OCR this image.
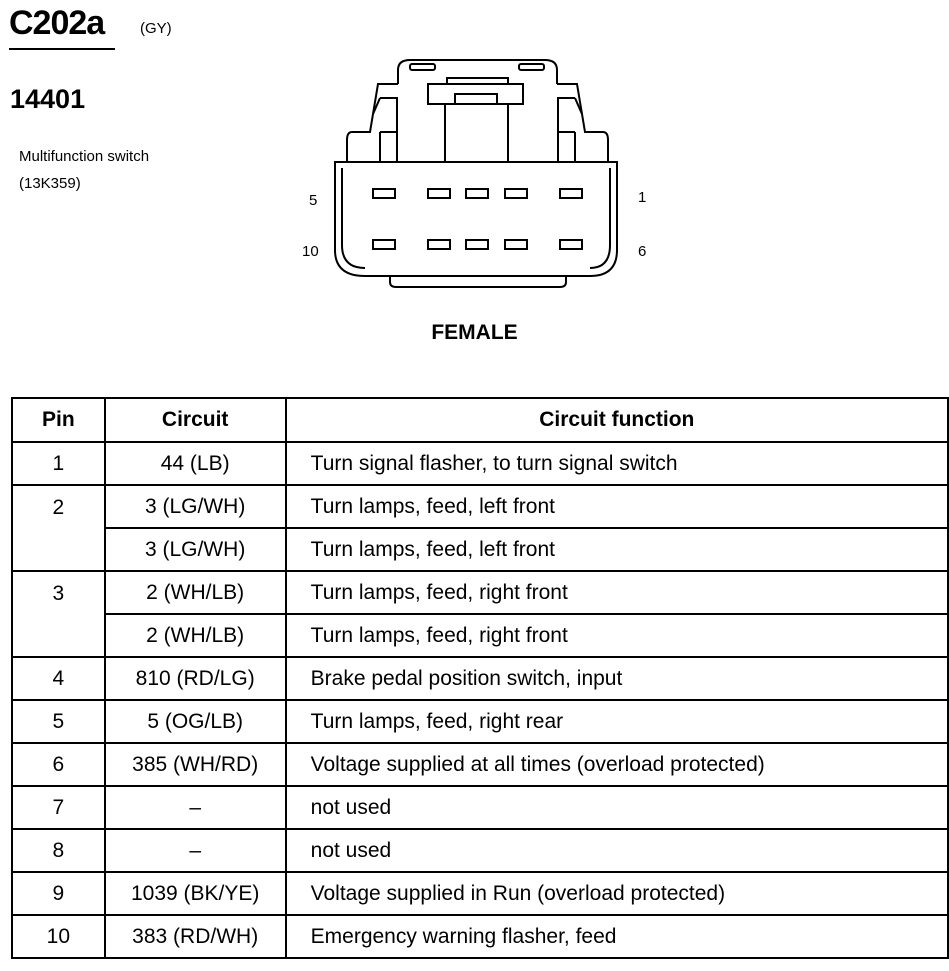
C202a (GY)
14401
Multifunction switch
(13K359)
5
10
1
6
FEMALE
Pin	Circuit	Circuit function
1	44 (LB)	Turn signal flasher, to turn signal switch
2	3 (LG/WH)	Turn lamps, feed, left front
	3 (LG/WH)	Turn lamps, feed, left front
3	2 (WH/LB)	Turn lamps, feed, right front
	2 (WH/LB)	Turn lamps, feed, right front
4	810 (RD/LG)	Brake pedal position switch, input
5	5 (OG/LB)	Turn lamps, feed, right rear
6	385 (WH/RD)	Voltage supplied at all times (overload protected)
7	–	not used
8	–	not used
9	1039 (BK/YE)	Voltage supplied in Run (overload protected)
10	383 (RD/WH)	Emergency warning flasher, feed
